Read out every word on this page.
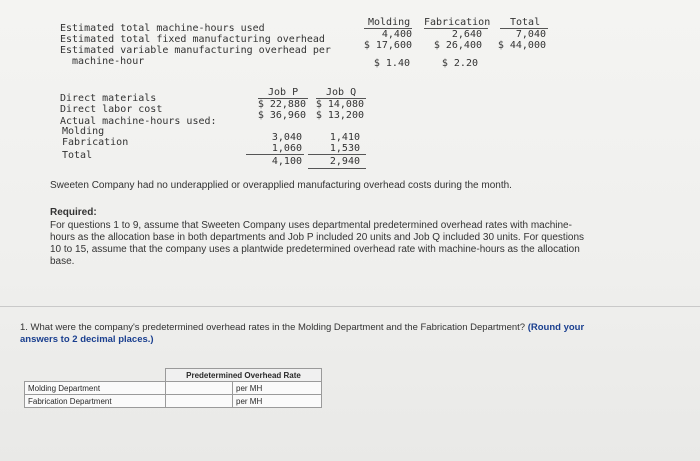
Molding Fabrication Total
Estimated total machine-hours used
4,400	2,640	7,040
Estimated total fixed manufacturing overhead
$ 17,600	$ 26,400	$ 44,000
Estimated variable manufacturing overhead per
machine-hour	$ 1.40	$ 2.20
Job P	Job Q
Direct materials
$ 22,880 $ 14,080
Direct labor cost
$ 36,960 $ 13,200
Actual machine-hours used:
Molding
3,040	1,410
Fabrication
1,060	1,530
Total
4,100	2,940
Sweeten Company had no underapplied or overapplied manufacturing overhead costs during the month.
Required:
For questions 1 to 9, assume that Sweeten Company uses departmental predetermined overhead rates with machine-
hours as the allocation base in both departments and Job P included 20 units and Job Q included 30 units. For questions
10 to 15, assume that the company uses a plantwide predetermined overhead rate with machine-hours as the allocation
base.
1. What were the company's predetermined overhead rates in the Molding Department and the Fabrication Department? (Round your
answers to 2 decimal places.)
	Predetermined Overhead Rate	
Molding Department		per MH
Fabrication Department		per MH
